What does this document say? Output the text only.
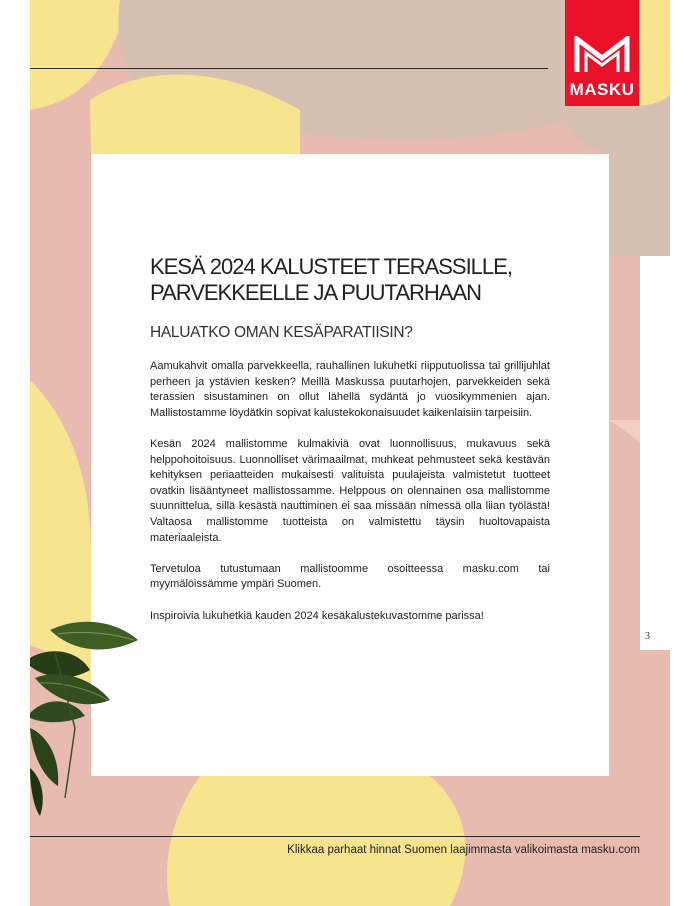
MASKU
3
KESÄ 2024 KALUSTEET TERASSILLE, PARVEKKEELLE JA PUUTARHAAN
HALUATKO OMAN KESÄPARATIISIN?

Aamukahvit omalla parvekkeella, rauhallinen lukuhetki riipputuolissa tai grillijuhlat perheen ja ystävien kesken? Meillä Maskussa puutarhojen, parvekkeiden sekä terassien sisustaminen on ollut lähellä sydäntä jo vuosikymmenien ajan. Mallistostamme löydätkin sopivat kalustekokonaisuudet kaikenlaisiin tarpeisiin.

Kesän 2024 mallistomme kulmakiviä ovat luonnollisuus, mukavuus sekä helppohoitoisuus. Luonnolliset värimaailmat, muhkeat pehmusteet sekä kestävän kehityksen periaatteiden mukaisesti valituista puulajeista valmistetut tuotteet ovatkin lisääntyneet mallistossamme. Helppous on olennainen osa mallistomme suunnittelua, sillä kesästä nauttiminen ei saa missään nimessä olla liian työlästä! Valtaosa mallistomme tuotteista on valmistettu täysin huoltovapaista materiaaleista.

Tervetuloa tutustumaan mallistoomme osoitteessa masku.com tai myymälöissämme ympäri Suomen.

Inspiroivia lukuhetkiä kauden 2024 kesäkalustekuvastomme parissa!

Klikkaa parhaat hinnat Suomen laajimmasta valikoimasta masku.com
